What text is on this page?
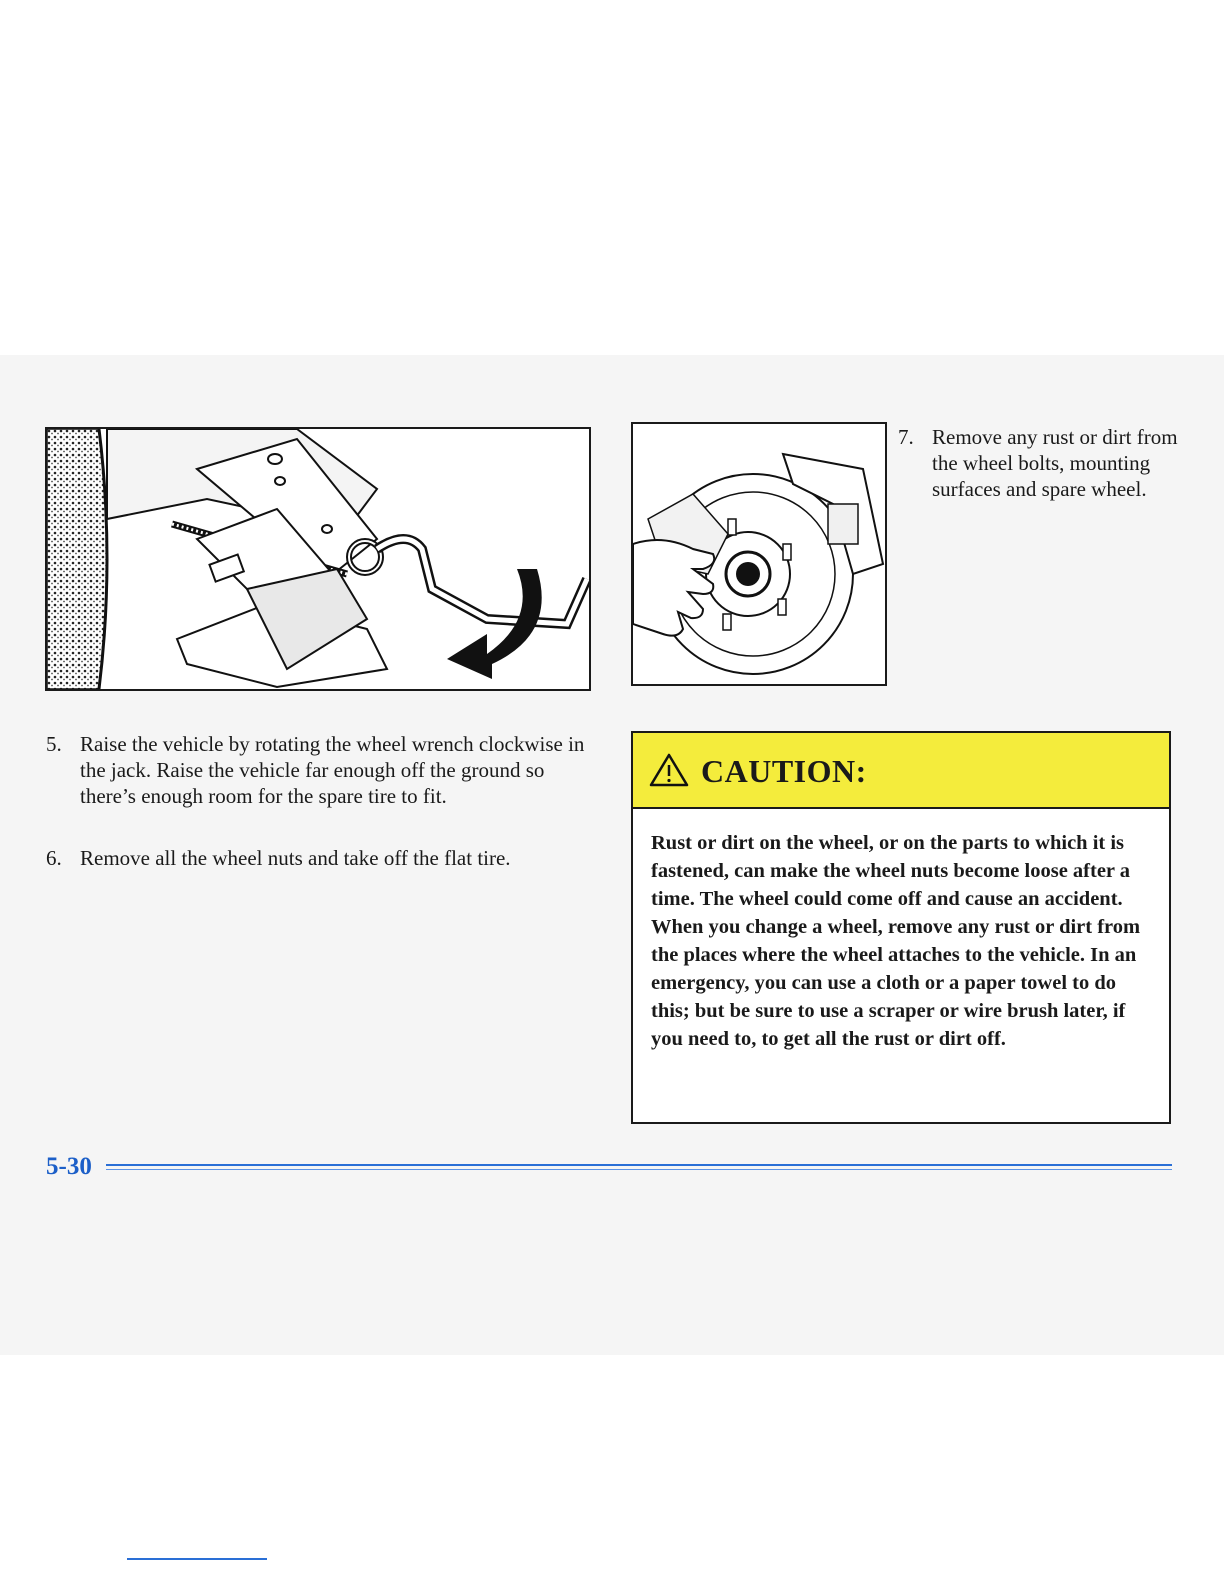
7. Remove any rust or dirt from the wheel bolts, mounting surfaces and spare wheel.
5. Raise the vehicle by rotating the wheel wrench clockwise in the jack. Raise the vehicle far enough off the ground so there’s enough room for the spare tire to fit.
6. Remove all the wheel nuts and take off the flat tire.
CAUTION:
Rust or dirt on the wheel, or on the parts to which it is fastened, can make the wheel nuts become loose after a time. The wheel could come off and cause an accident. When you change a wheel, remove any rust or dirt from the places where the wheel attaches to the vehicle. In an emergency, you can use a cloth or a paper towel to do this; but be sure to use a scraper or wire brush later, if you need to, to get all the rust or dirt off.
5-30
